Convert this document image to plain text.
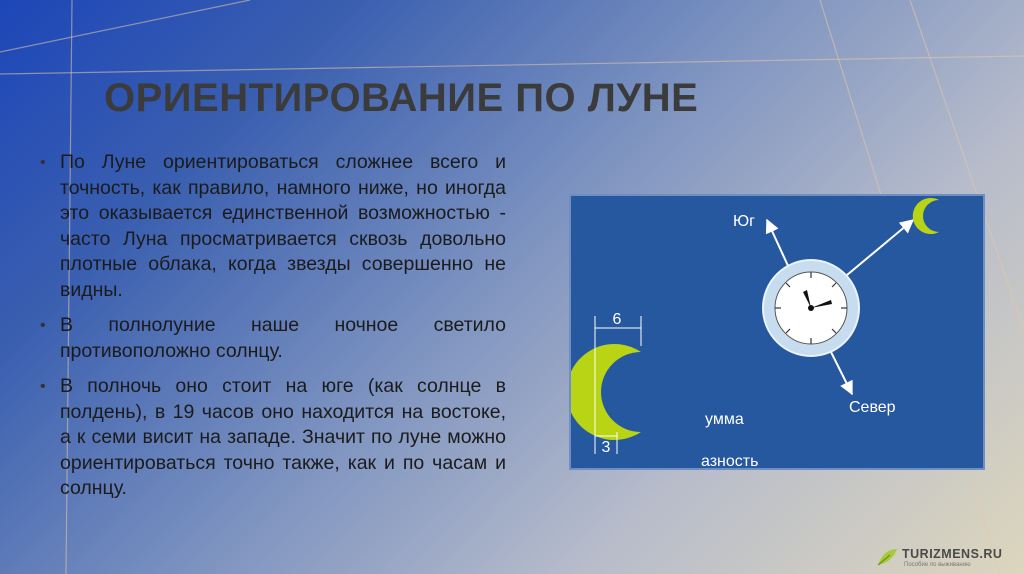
ОРИЕНТИРОВАНИЕ ПО ЛУНЕ
• По Луне ориентироваться сложнее всего и точность, как правило, намного ниже, но иногда это оказывается единственной возможностью - часто Луна просматривается сквозь довольно плотные облака, когда звезды совершенно не видны.
• В полнолуние наше ночное светило противоположно солнцу.
• В полночь оно стоит на юге (как солнце в полдень), в 19 часов оно находится на востоке, а к семи висит на западе. Значит по луне можно ориентироваться точно также, как и по часам и солнцу.
6
3
Юг
Север
умма
азность
TURIZMENS.RU
Пособие по выживанию
